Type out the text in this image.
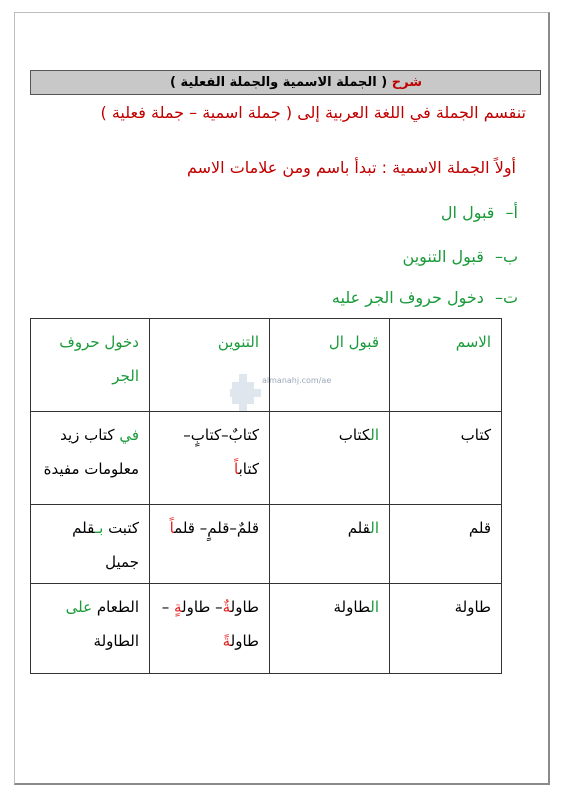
شرح ( الجملة الاسمية والجملة الفعلية )
تنقسم الجملة في اللغة العربية إلى ( جملة اسمية – جملة فعلية )
أولاً الجملة الاسمية : تبدأ باسم ومن علامات الاسم
أ– قبول ال
ب– قبول التنوين
ت– دخول حروف الجر عليه
almanahj.com/ae
الاسم	قبول ال	التنوين	دخول حروف الجر
كتاب	الكتاب	كتاب–كتاب– كتاباً	في كتاب زيد معلومات مفيدة
قلم	القلم	قلم–قلم– قلماً	كتبت بـقلم جميل
طاولة	الطاولة	طاولةٌ– طاولةٍ –طاولةً	الطعام على الطاولة
